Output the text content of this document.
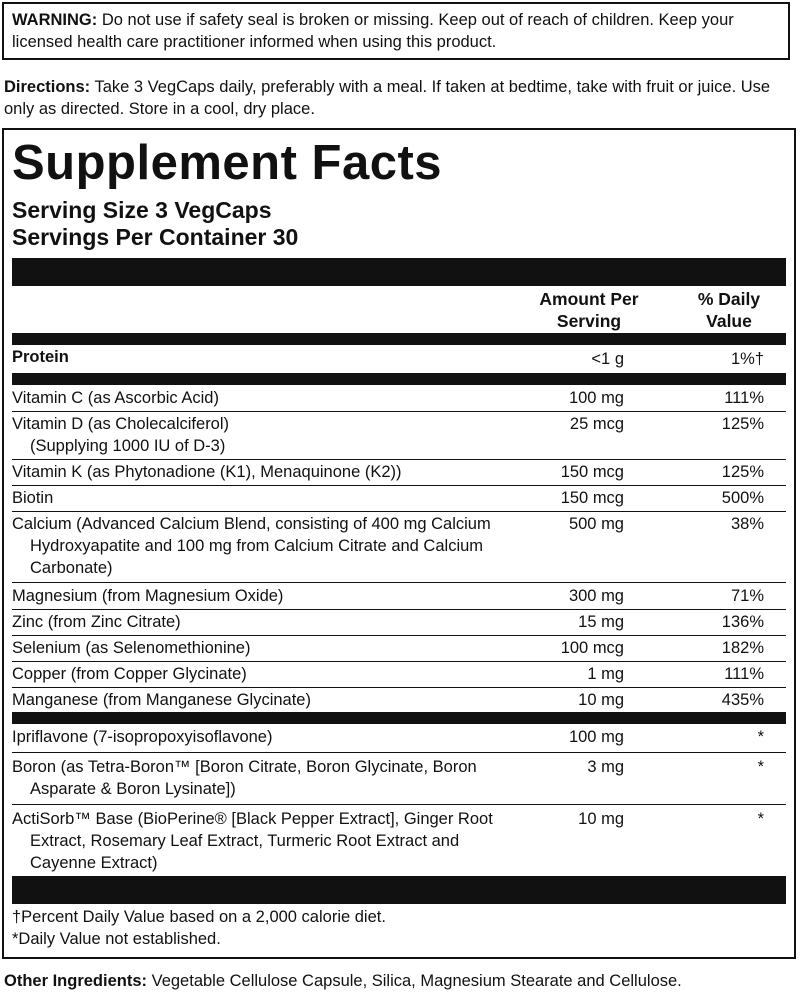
WARNING: Do not use if safety seal is broken or missing. Keep out of reach of children. Keep your licensed health care practitioner informed when using this product.
Directions: Take 3 VegCaps daily, preferably with a meal. If taken at bedtime, take with fruit or juice. Use only as directed. Store in a cool, dry place.
Supplement Facts
Serving Size 3 VegCaps
Servings Per Container 30
Amount Per
Serving
% Daily
Value
Protein	<1 g	1%†
Vitamin C (as Ascorbic Acid)	100 mg	111%
Vitamin D (as Cholecalciferol)
(Supplying 1000 IU of D-3)
25 mcg	125%
Vitamin K (as Phytonadione (K1), Menaquinone (K2))	150 mcg	125%
Biotin	150 mcg	500%
Calcium (Advanced Calcium Blend, consisting of 400 mg Calcium
Hydroxyapatite and 100 mg from Calcium Citrate and Calcium
Carbonate)
500 mg	38%
Magnesium (from Magnesium Oxide)	300 mg	71%
Zinc (from Zinc Citrate)	15 mg	136%
Selenium (as Selenomethionine)	100 mcg	182%
Copper (from Copper Glycinate)	1 mg	111%
Manganese (from Manganese Glycinate)	10 mg	435%
Ipriflavone (7-isopropoxyisoflavone)	100 mg	*
Boron (as Tetra-Boron™ [Boron Citrate, Boron Glycinate, Boron
Asparate & Boron Lysinate])
3 mg	*
ActiSorb™ Base (BioPerine® [Black Pepper Extract], Ginger Root
Extract, Rosemary Leaf Extract, Turmeric Root Extract and
Cayenne Extract)
10 mg	*
†Percent Daily Value based on a 2,000 calorie diet.
*Daily Value not established.
Other Ingredients: Vegetable Cellulose Capsule, Silica, Magnesium Stearate and Cellulose.
